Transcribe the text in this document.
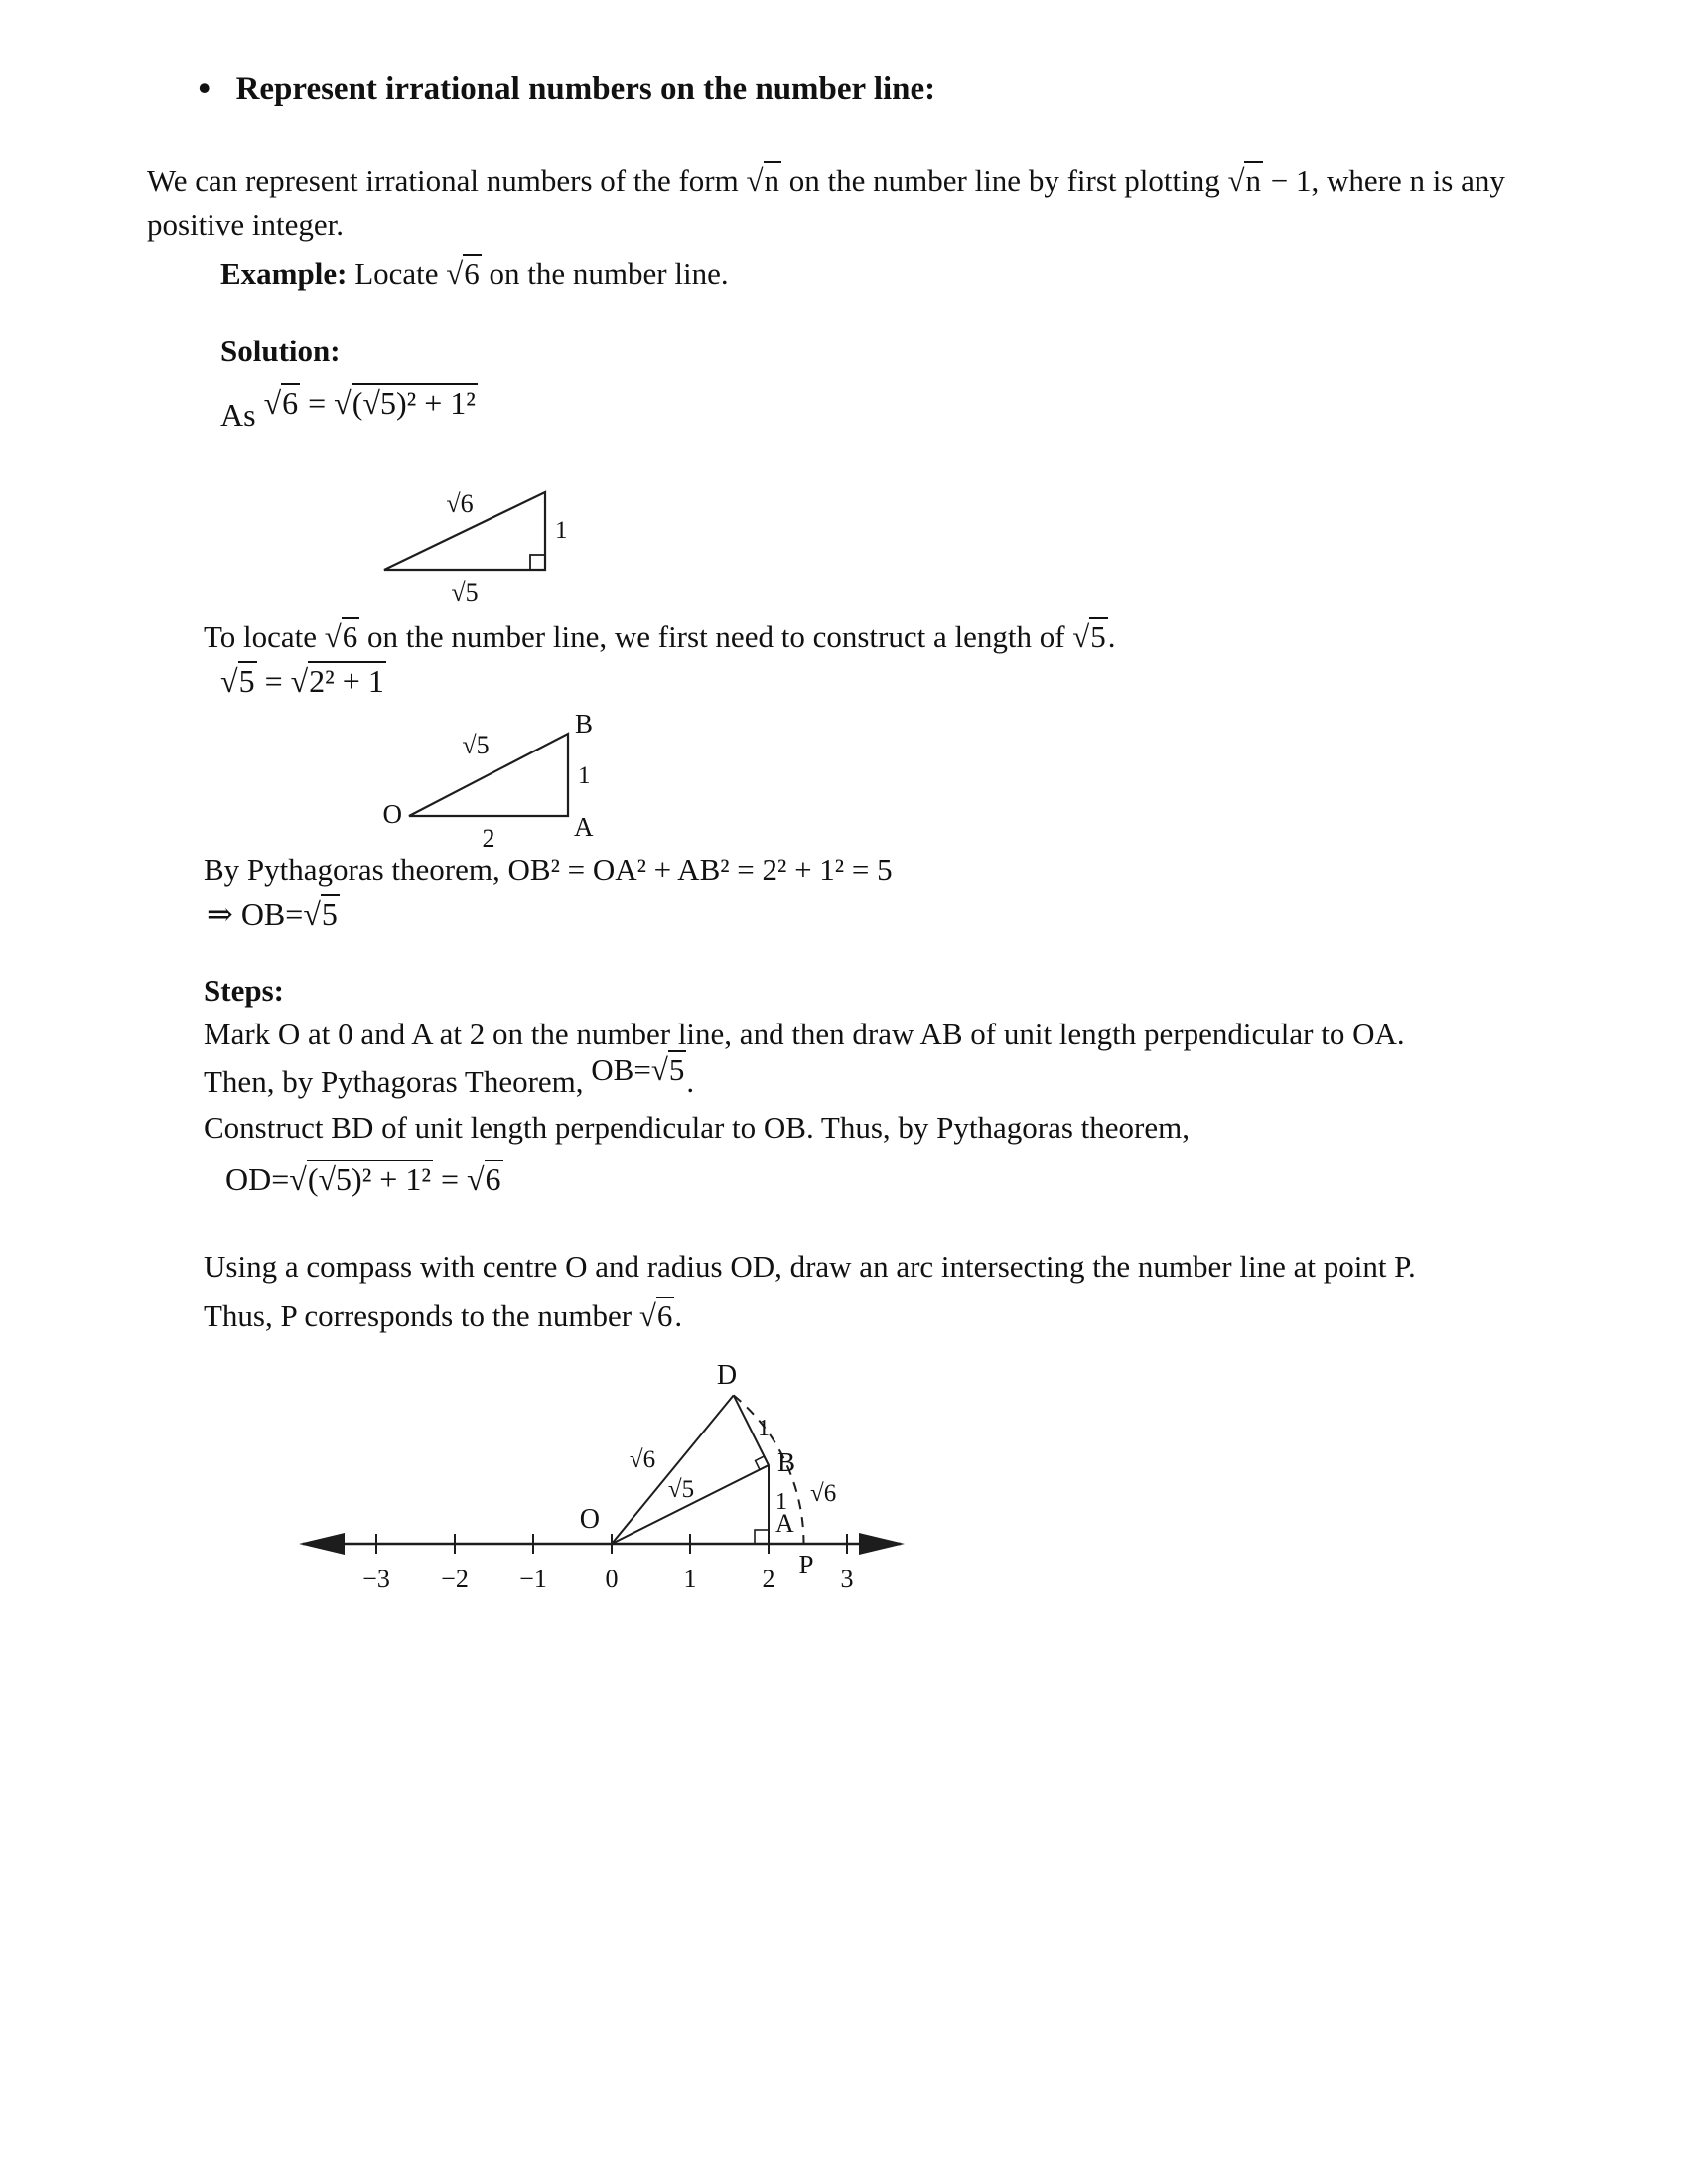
• Represent irrational numbers on the number line:
We can represent irrational numbers of the form √n on the number line by first plotting √n − 1, where n is any positive integer.
Example: Locate √6 on the number line.
Solution:
As √6 = √(√5)² + 1²
√6
1
√5
To locate √6 on the number line, we first need to construct a length of √5.
√5 = √2² + 1
O
√5
B
1
A
2
By Pythagoras theorem, OB² = OA² + AB² = 2² + 1² = 5
⇒ OB=√5
Steps:
Mark O at 0 and A at 2 on the number line, and then draw AB of unit length perpendicular to OA.
Then, by Pythagoras Theorem, OB=√5.
Construct BD of unit length perpendicular to OB. Thus, by Pythagoras theorem,
OD=√(√5)² + 1² = √6
Using a compass with centre O and radius OD, draw an arc intersecting the number line at point P.
Thus, P corresponds to the number √6.
−3 −2 −1 0	1	2	3
D
1
B
1
A
O
√6
√5	√6
P
